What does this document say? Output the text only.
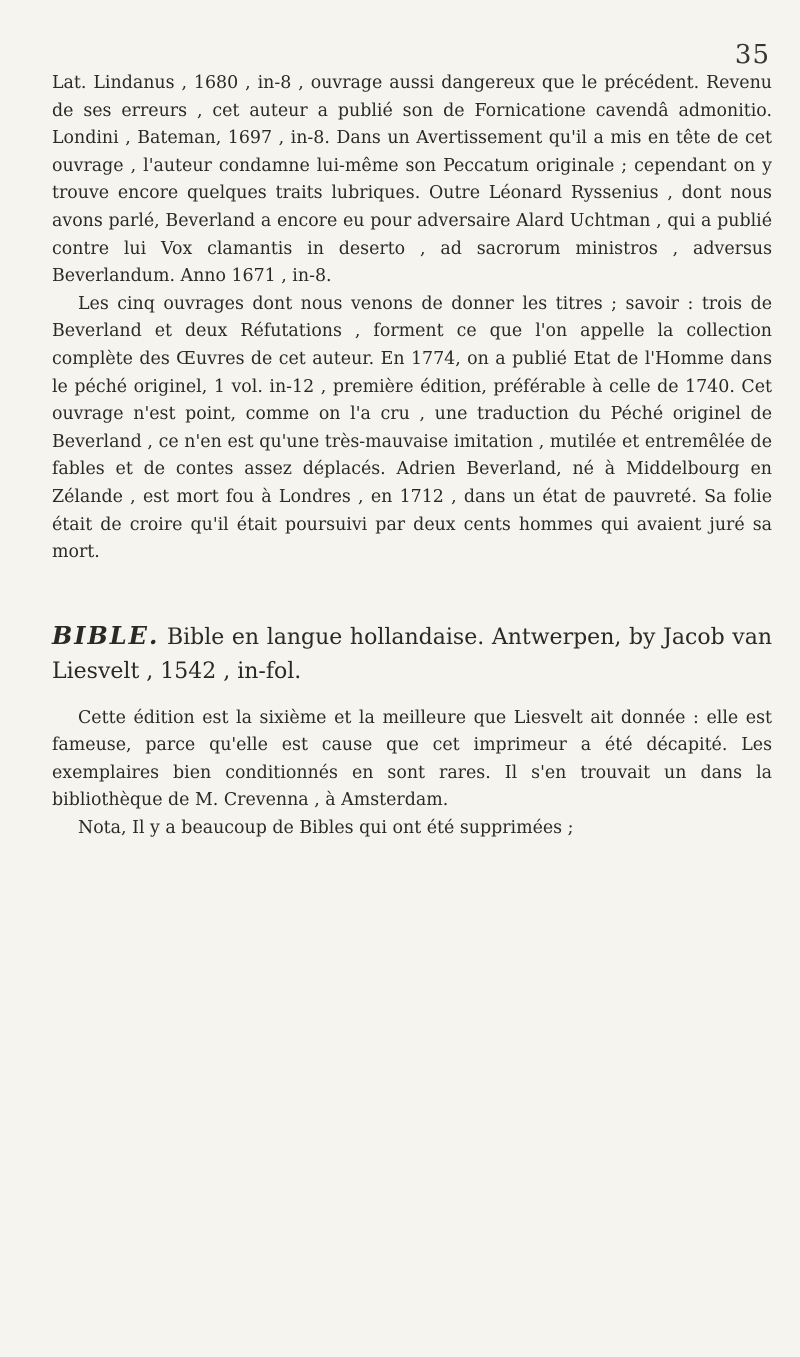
35

Lat. Lindanus , 1680 , in-8 , ouvrage aussi dangereux que le précédent. Revenu de ses erreurs , cet auteur a publié son de Fornicatione cavendâ admonitio. Londini , Bateman, 1697 , in-8. Dans un Avertissement qu'il a mis en tête de cet ouvrage , l'auteur condamne lui-même son Peccatum originale ; cependant on y trouve encore quelques traits lubriques. Outre Léonard Ryssenius , dont nous avons parlé, Beverland a encore eu pour adversaire Alard Uchtman , qui a publié contre lui Vox clamantis in deserto , ad sacrorum ministros , adversus Beverlandum. Anno 1671 , in-8.

Les cinq ouvrages dont nous venons de donner les titres ; savoir : trois de Beverland et deux Réfutations , forment ce que l'on appelle la collection complète des Œuvres de cet auteur. En 1774, on a publié Etat de l'Homme dans le péché originel, 1 vol. in-12 , première édition, préférable à celle de 1740. Cet ouvrage n'est point, comme on l'a cru , une traduction du Péché originel de Beverland , ce n'en est qu'une très-mauvaise imitation , mutilée et entremêlée de fables et de contes assez déplacés. Adrien Beverland, né à Middelbourg en Zélande , est mort fou à Londres , en 1712 , dans un état de pauvreté. Sa folie était de croire qu'il était poursuivi par deux cents hommes qui avaient juré sa mort.

BIBLE. Bible en langue hollandaise. Antwerpen, by Jacob van Liesvelt , 1542 , in-fol.

Cette édition est la sixième et la meilleure que Liesvelt ait donnée : elle est fameuse, parce qu'elle est cause que cet imprimeur a été décapité. Les exemplaires bien conditionnés en sont rares. Il s'en trouvait un dans la bibliothèque de M. Crevenna , à Amsterdam.

Nota, Il y a beaucoup de Bibles qui ont été supprimées ;
